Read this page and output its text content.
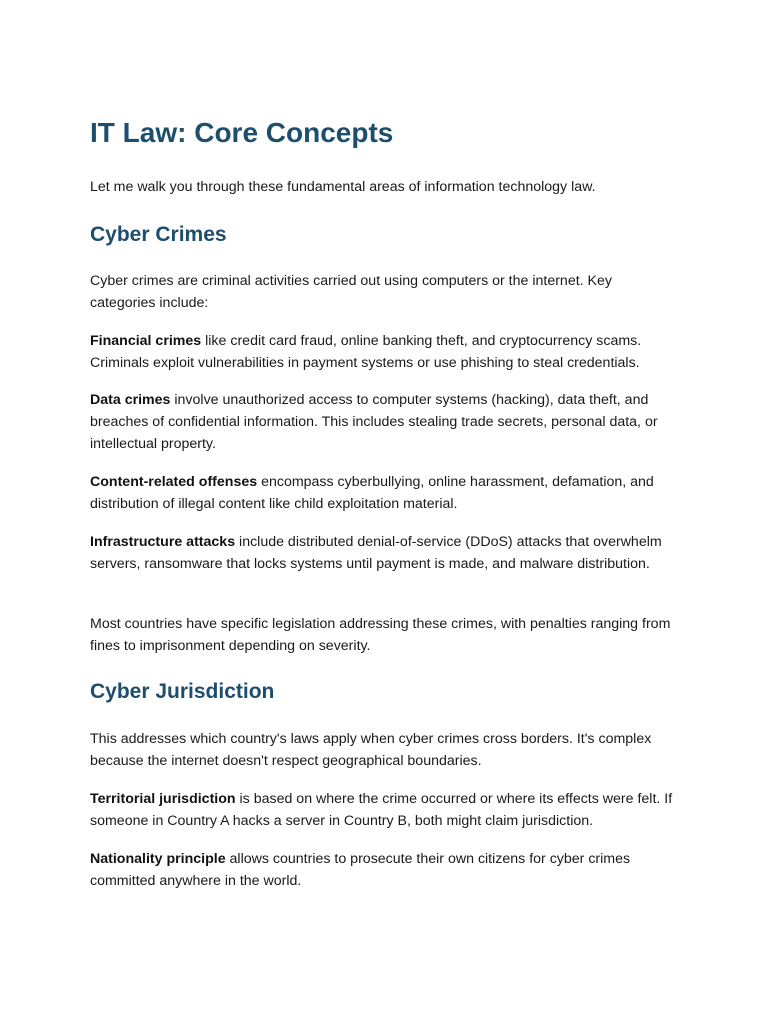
IT Law: Core Concepts

Let me walk you through these fundamental areas of information technology law.

Cyber Crimes

Cyber crimes are criminal activities carried out using computers or the internet. Key categories include:

Financial crimes like credit card fraud, online banking theft, and cryptocurrency scams. Criminals exploit vulnerabilities in payment systems or use phishing to steal credentials.

Data crimes involve unauthorized access to computer systems (hacking), data theft, and breaches of confidential information. This includes stealing trade secrets, personal data, or intellectual property.

Content-related offenses encompass cyberbullying, online harassment, defamation, and distribution of illegal content like child exploitation material.

Infrastructure attacks include distributed denial-of-service (DDoS) attacks that overwhelm servers, ransomware that locks systems until payment is made, and malware distribution.

Most countries have specific legislation addressing these crimes, with penalties ranging from fines to imprisonment depending on severity.

Cyber Jurisdiction

This addresses which country's laws apply when cyber crimes cross borders. It's complex because the internet doesn't respect geographical boundaries.

Territorial jurisdiction is based on where the crime occurred or where its effects were felt. If someone in Country A hacks a server in Country B, both might claim jurisdiction.

Nationality principle allows countries to prosecute their own citizens for cyber crimes committed anywhere in the world.
